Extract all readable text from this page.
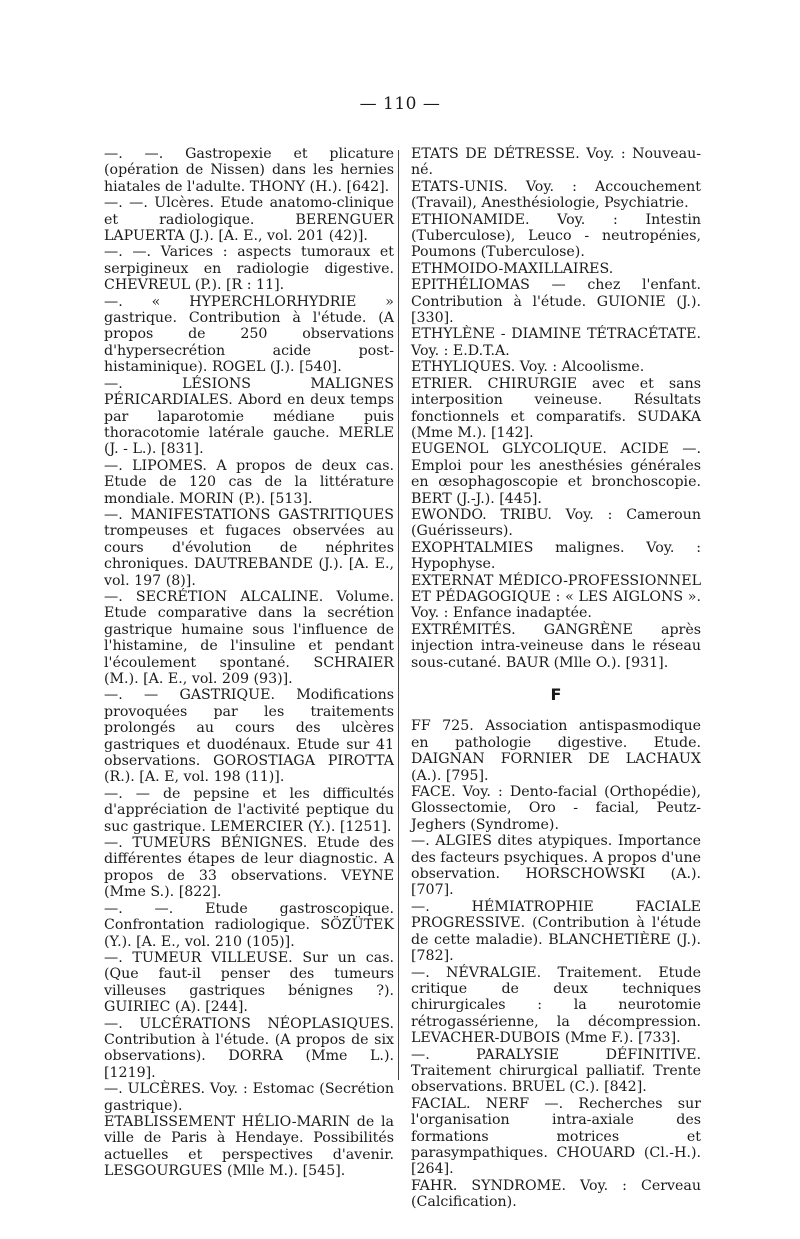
— 110 —

—. —. Gastropexie et plicature (opération de Nissen) dans les hernies hiatales de l'adulte. THONY (H.). [642].

—. —. Ulcères. Etude anatomo-clinique et radiologique. BERENGUER LAPUERTA (J.). [A. E., vol. 201 (42)].

—. —. Varices : aspects tumoraux et serpigineux en radiologie digestive. CHEVREUL (P.). [R : 11].

—. « HYPERCHLORHYDRIE » gastrique. Contribution à l'étude. (A propos de 250 observations d'hypersecrétion acide post-histaminique). ROGEL (J.). [540].

—. LÉSIONS MALIGNES PÉRICARDIALES. Abord en deux temps par laparotomie médiane puis thoracotomie latérale gauche. MERLE (J. - L.). [831].

—. LIPOMES. A propos de deux cas. Etude de 120 cas de la littérature mondiale. MORIN (P.). [513].

—. MANIFESTATIONS GASTRITIQUES trompeuses et fugaces observées au cours d'évolution de néphrites chroniques. DAUTREBANDE (J.). [A. E., vol. 197 (8)].

—. SECRÉTION ALCALINE. Volume. Etude comparative dans la secrétion gastrique humaine sous l'influence de l'histamine, de l'insuline et pendant l'écoulement spontané. SCHRAIER (M.). [A. E., vol. 209 (93)].

—. — GASTRIQUE. Modifications provoquées par les traitements prolongés au cours des ulcères gastriques et duodénaux. Etude sur 41 observations. GOROSTIAGA PIROTTA (R.). [A. E, vol. 198 (11)].

—. — de pepsine et les difficultés d'appréciation de l'activité peptique du suc gastrique. LEMERCIER (Y.). [1251].

—. TUMEURS BÉNIGNES. Etude des différentes étapes de leur diagnostic. A propos de 33 observations. VEYNE (Mme S.). [822].

—. —. Etude gastroscopique. Confrontation radiologique. SÖZÜTEK (Y.). [A. E., vol. 210 (105)].

—. TUMEUR VILLEUSE. Sur un cas. (Que faut-il penser des tumeurs villeuses gastriques bénignes ?). GUIRIEC (A). [244].

—. ULCÉRATIONS NÉOPLASIQUES. Contribution à l'étude. (A propos de six observations). DORRA (Mme L.). [1219].

—. ULCÈRES. Voy. : Estomac (Secrétion gastrique).

ETABLISSEMENT HÉLIO-MARIN de la ville de Paris à Hendaye. Possibilités actuelles et perspectives d'avenir. LESGOURGUES (Mlle M.). [545].

ETATS DE DÉTRESSE. Voy. : Nouveau-né.

ETATS-UNIS. Voy. : Accouchement (Travail), Anesthésiologie, Psychiatrie.

ETHIONAMIDE. Voy. : Intestin (Tuberculose), Leuco - neutropénies, Poumons (Tuberculose).

ETHMOIDO-MAXILLAIRES. EPITHÉLIOMAS — chez l'enfant. Contribution à l'étude. GUIONIE (J.). [330].

ETHYLÈNE - DIAMINE TÉTRACÉTATE. Voy. : E.D.T.A.

ETHYLIQUES. Voy. : Alcoolisme.

ETRIER. CHIRURGIE avec et sans interposition veineuse. Résultats fonctionnels et comparatifs. SUDAKA (Mme M.). [142].

EUGENOL GLYCOLIQUE. ACIDE —. Emploi pour les anesthésies générales en œsophagoscopie et bronchoscopie. BERT (J.-J.). [445].

EWONDO. TRIBU. Voy. : Cameroun (Guérisseurs).

EXOPHTALMIES malignes. Voy. : Hypophyse.

EXTERNAT MÉDICO-PROFESSIONNEL ET PÉDAGOGIQUE : « LES AIGLONS ». Voy. : Enfance inadaptée.

EXTRÉMITÉS. GANGRÈNE après injection intra-veineuse dans le réseau sous-cutané. BAUR (Mlle O.). [931].

F

FF 725. Association antispasmodique en pathologie digestive. Etude. DAIGNAN FORNIER DE LACHAUX (A.). [795].

FACE. Voy. : Dento-facial (Orthopédie), Glossectomie, Oro - facial, Peutz-Jeghers (Syndrome).

—. ALGIES dites atypiques. Importance des facteurs psychiques. A propos d'une observation. HORSCHOWSKI (A.). [707].

—. HÉMIATROPHIE FACIALE PROGRESSIVE. (Contribution à l'étude de cette maladie). BLANCHETIÈRE (J.). [782].

—. NÉVRALGIE. Traitement. Etude critique de deux techniques chirurgicales : la neurotomie rétrogassérienne, la décompression. LEVACHER-DUBOIS (Mme F.). [733].

—. PARALYSIE DÉFINITIVE. Traitement chirurgical palliatif. Trente observations. BRUEL (C.). [842].

FACIAL. NERF —. Recherches sur l'organisation intra-axiale des formations motrices et parasympathiques. CHOUARD (Cl.-H.). [264].

FAHR. SYNDROME. Voy. : Cerveau (Calcification).
